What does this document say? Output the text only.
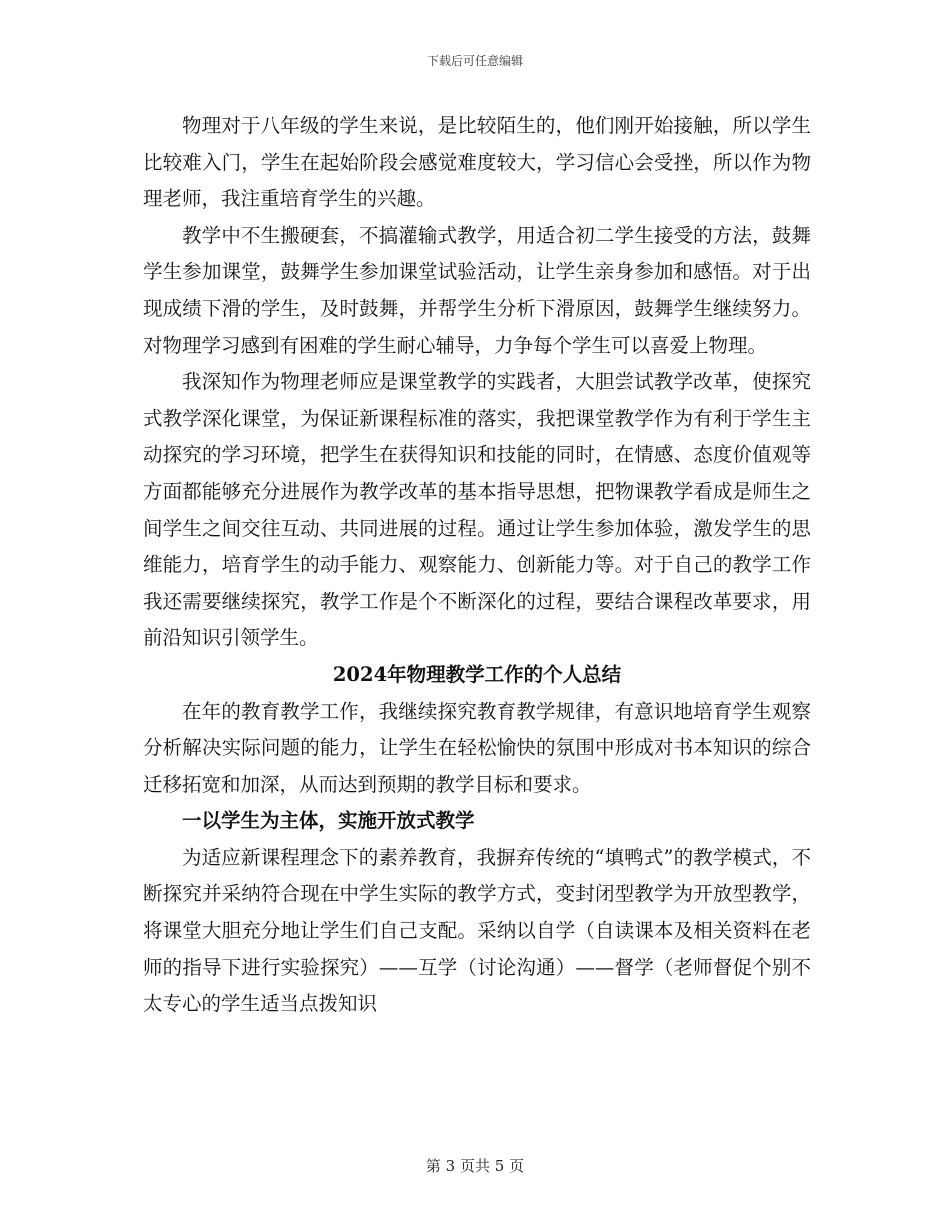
下载后可任意编辑

物理对于八年级的学生来说，是比较陌生的，他们刚开始接触，所以学生比较难入门，学生在起始阶段会感觉难度较大，学习信心会受挫，所以作为物理老师，我注重培育学生的兴趣。

教学中不生搬硬套，不搞灌输式教学，用适合初二学生接受的方法，鼓舞学生参加课堂，鼓舞学生参加课堂试验活动，让学生亲身参加和感悟。对于出现成绩下滑的学生，及时鼓舞，并帮学生分析下滑原因，鼓舞学生继续努力。对物理学习感到有困难的学生耐心辅导，力争每个学生可以喜爱上物理。

我深知作为物理老师应是课堂教学的实践者，大胆尝试教学改革，使探究式教学深化课堂，为保证新课程标准的落实，我把课堂教学作为有利于学生主动探究的学习环境，把学生在获得知识和技能的同时，在情感、态度价值观等方面都能够充分进展作为教学改革的基本指导思想，把物课教学看成是师生之间学生之间交往互动、共同进展的过程。通过让学生参加体验，激发学生的思维能力，培育学生的动手能力、观察能力、创新能力等。对于自己的教学工作我还需要继续探究，教学工作是个不断深化的过程，要结合课程改革要求，用前沿知识引领学生。

2024年物理教学工作的个人总结

在年的教育教学工作，我继续探究教育教学规律，有意识地培育学生观察分析解决实际问题的能力，让学生在轻松愉快的氛围中形成对书本知识的综合迁移拓宽和加深，从而达到预期的教学目标和要求。

一以学生为主体，实施开放式教学

为适应新课程理念下的素养教育，我摒弃传统的“填鸭式”的教学模式，不断探究并采纳符合现在中学生实际的教学方式，变封闭型教学为开放型教学，将课堂大胆充分地让学生们自己支配。采纳以自学（自读课本及相关资料在老师的指导下进行实验探究）——互学（讨论沟通）——督学（老师督促个别不太专心的学生适当点拨知识

第 3 页共 5 页
